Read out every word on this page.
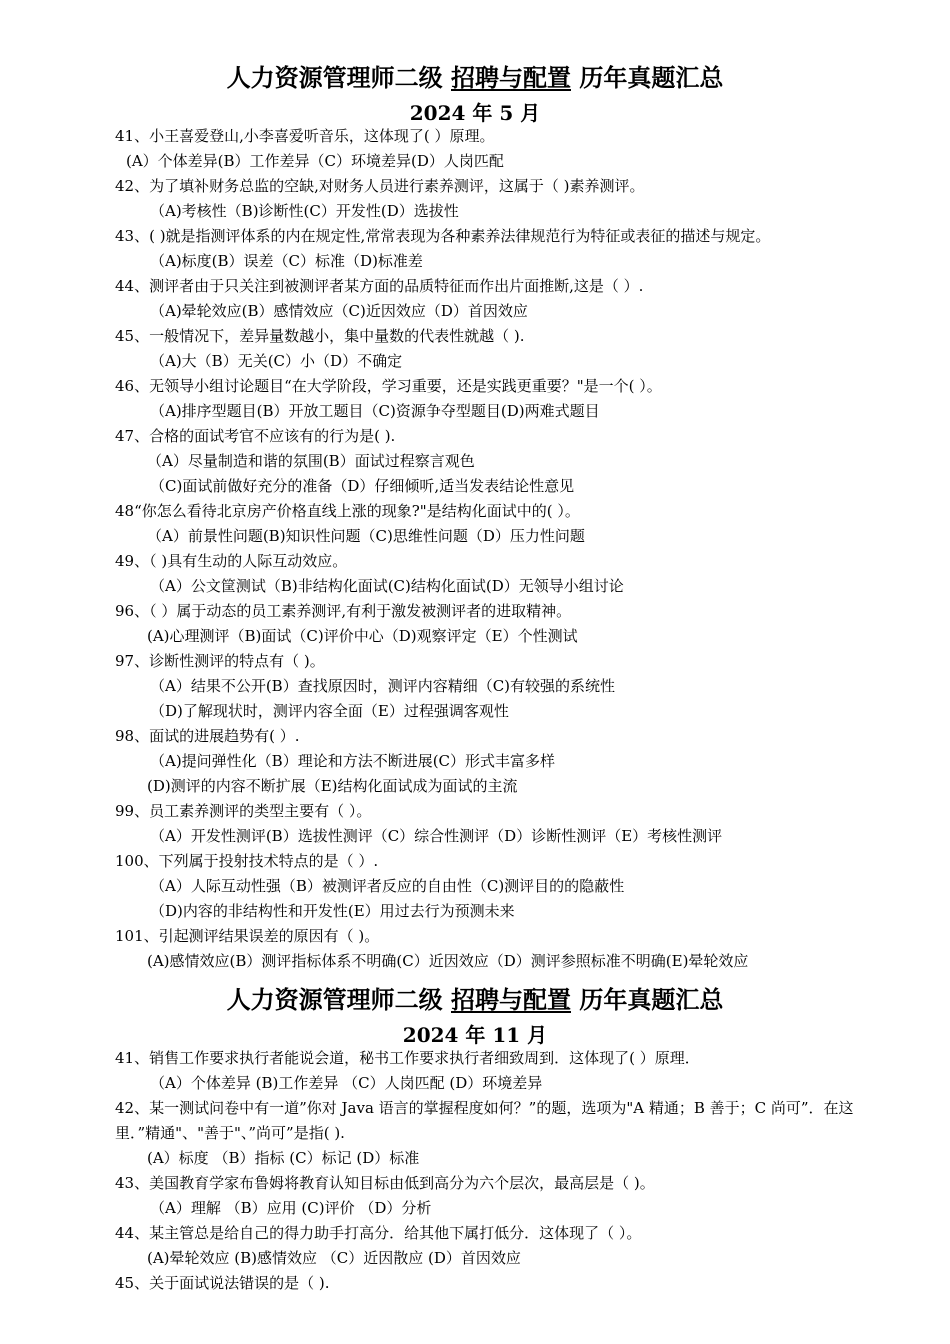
人力资源管理师二级 招聘与配置 历年真题汇总
2024 年 5 月
41、小王喜爱登山,小李喜爱听音乐，这体现了( ）原理。
(A）个体差异(B）工作差异（C）环境差异(D）人岗匹配
42、为了填补财务总监的空缺,对财务人员进行素养测评，这属于（ )素养测评。
（A)考核性（B)诊断性(C）开发性(D）选拔性
43、( )就是指测评体系的内在规定性,常常表现为各种素养法律规范行为特征或表征的描述与规定。
（A)标度(B）误差（C）标准（D)标准差
44、测评者由于只关注到被测评者某方面的品质特征而作出片面推断,这是（ ）.
（A)晕轮效应(B）感情效应（C)近因效应（D）首因效应
45、一般情况下，差异量数越小，集中量数的代表性就越（ ).
（A)大（B）无关(C）小（D）不确定
46、无领导小组讨论题目“在大学阶段，学习重要，还是实践更重要？"是一个( ）。
（A)排序型题目(B）开放工题目（C)资源争夺型题目(D)两难式题目
47、合格的面试考官不应该有的行为是( ).
（A）尽量制造和谐的氛围(B）面试过程察言观色
（C)面试前做好充分的准备（D）仔细倾听,适当发表结论性意见
48“你怎么看待北京房产价格直线上涨的现象?"是结构化面试中的( ）。
（A）前景性问题(B)知识性问题（C)思维性问题（D）压力性问题
49、（ )具有生动的人际互动效应。
（A）公文筐测试（B)非结构化面试(C)结构化面试(D）无领导小组讨论
96、（ ）属于动态的员工素养测评,有利于激发被测评者的进取精神。
(A)心理测评（B)面试（C)评价中心（D)观察评定（E）个性测试
97、诊断性测评的特点有（ )。
（A）结果不公开(B）查找原因时，测评内容精细（C)有较强的系统性
（D)了解现状时，测评内容全面（E）过程强调客观性
98、面试的进展趋势有( ）.
（A)提问弹性化（B）理论和方法不断进展(C）形式丰富多样
(D)测评的内容不断扩展（E)结构化面试成为面试的主流
99、员工素养测评的类型主要有（ ）。
（A）开发性测评(B）选拔性测评（C）综合性测评（D）诊断性测评（E）考核性测评
100、下列属于投射技术特点的是（ ）.
（A）人际互动性强（B）被测评者反应的自由性（C)测评目的的隐蔽性
（D)内容的非结构性和开发性(E）用过去行为预测未来
101、引起测评结果误差的原因有（ )。
(A)感情效应(B）测评指标体系不明确(C）近因效应（D）测评参照标准不明确(E)晕轮效应
人力资源管理师二级 招聘与配置 历年真题汇总
2024 年 11 月
41、销售工作要求执行者能说会道，秘书工作要求执行者细致周到．这体现了( ）原理．
（A）个体差异 (B)工作差异 （C）人岗匹配 (D）环境差异
42、某一测试问卷中有一道”你对 Java 语言的掌握程度如何？”的题，选项为"A 精通；B 善于；C 尚可”．在这里．”精通"、"善于"、”尚可”是指( ).
(A）标度 （B）指标 (C）标记 (D）标准
43、美国教育学家布鲁姆将教育认知目标由低到高分为六个层次，最高层是（ )。
（A）理解 （B）应用 (C)评价 （D）分析
44、某主管总是给自己的得力助手打高分．给其他下属打低分．这体现了（ ）。
(A)晕轮效应 (B)感情效应 （C）近因散应 (D）首因效应
45、关于面试说法错误的是（ ).
